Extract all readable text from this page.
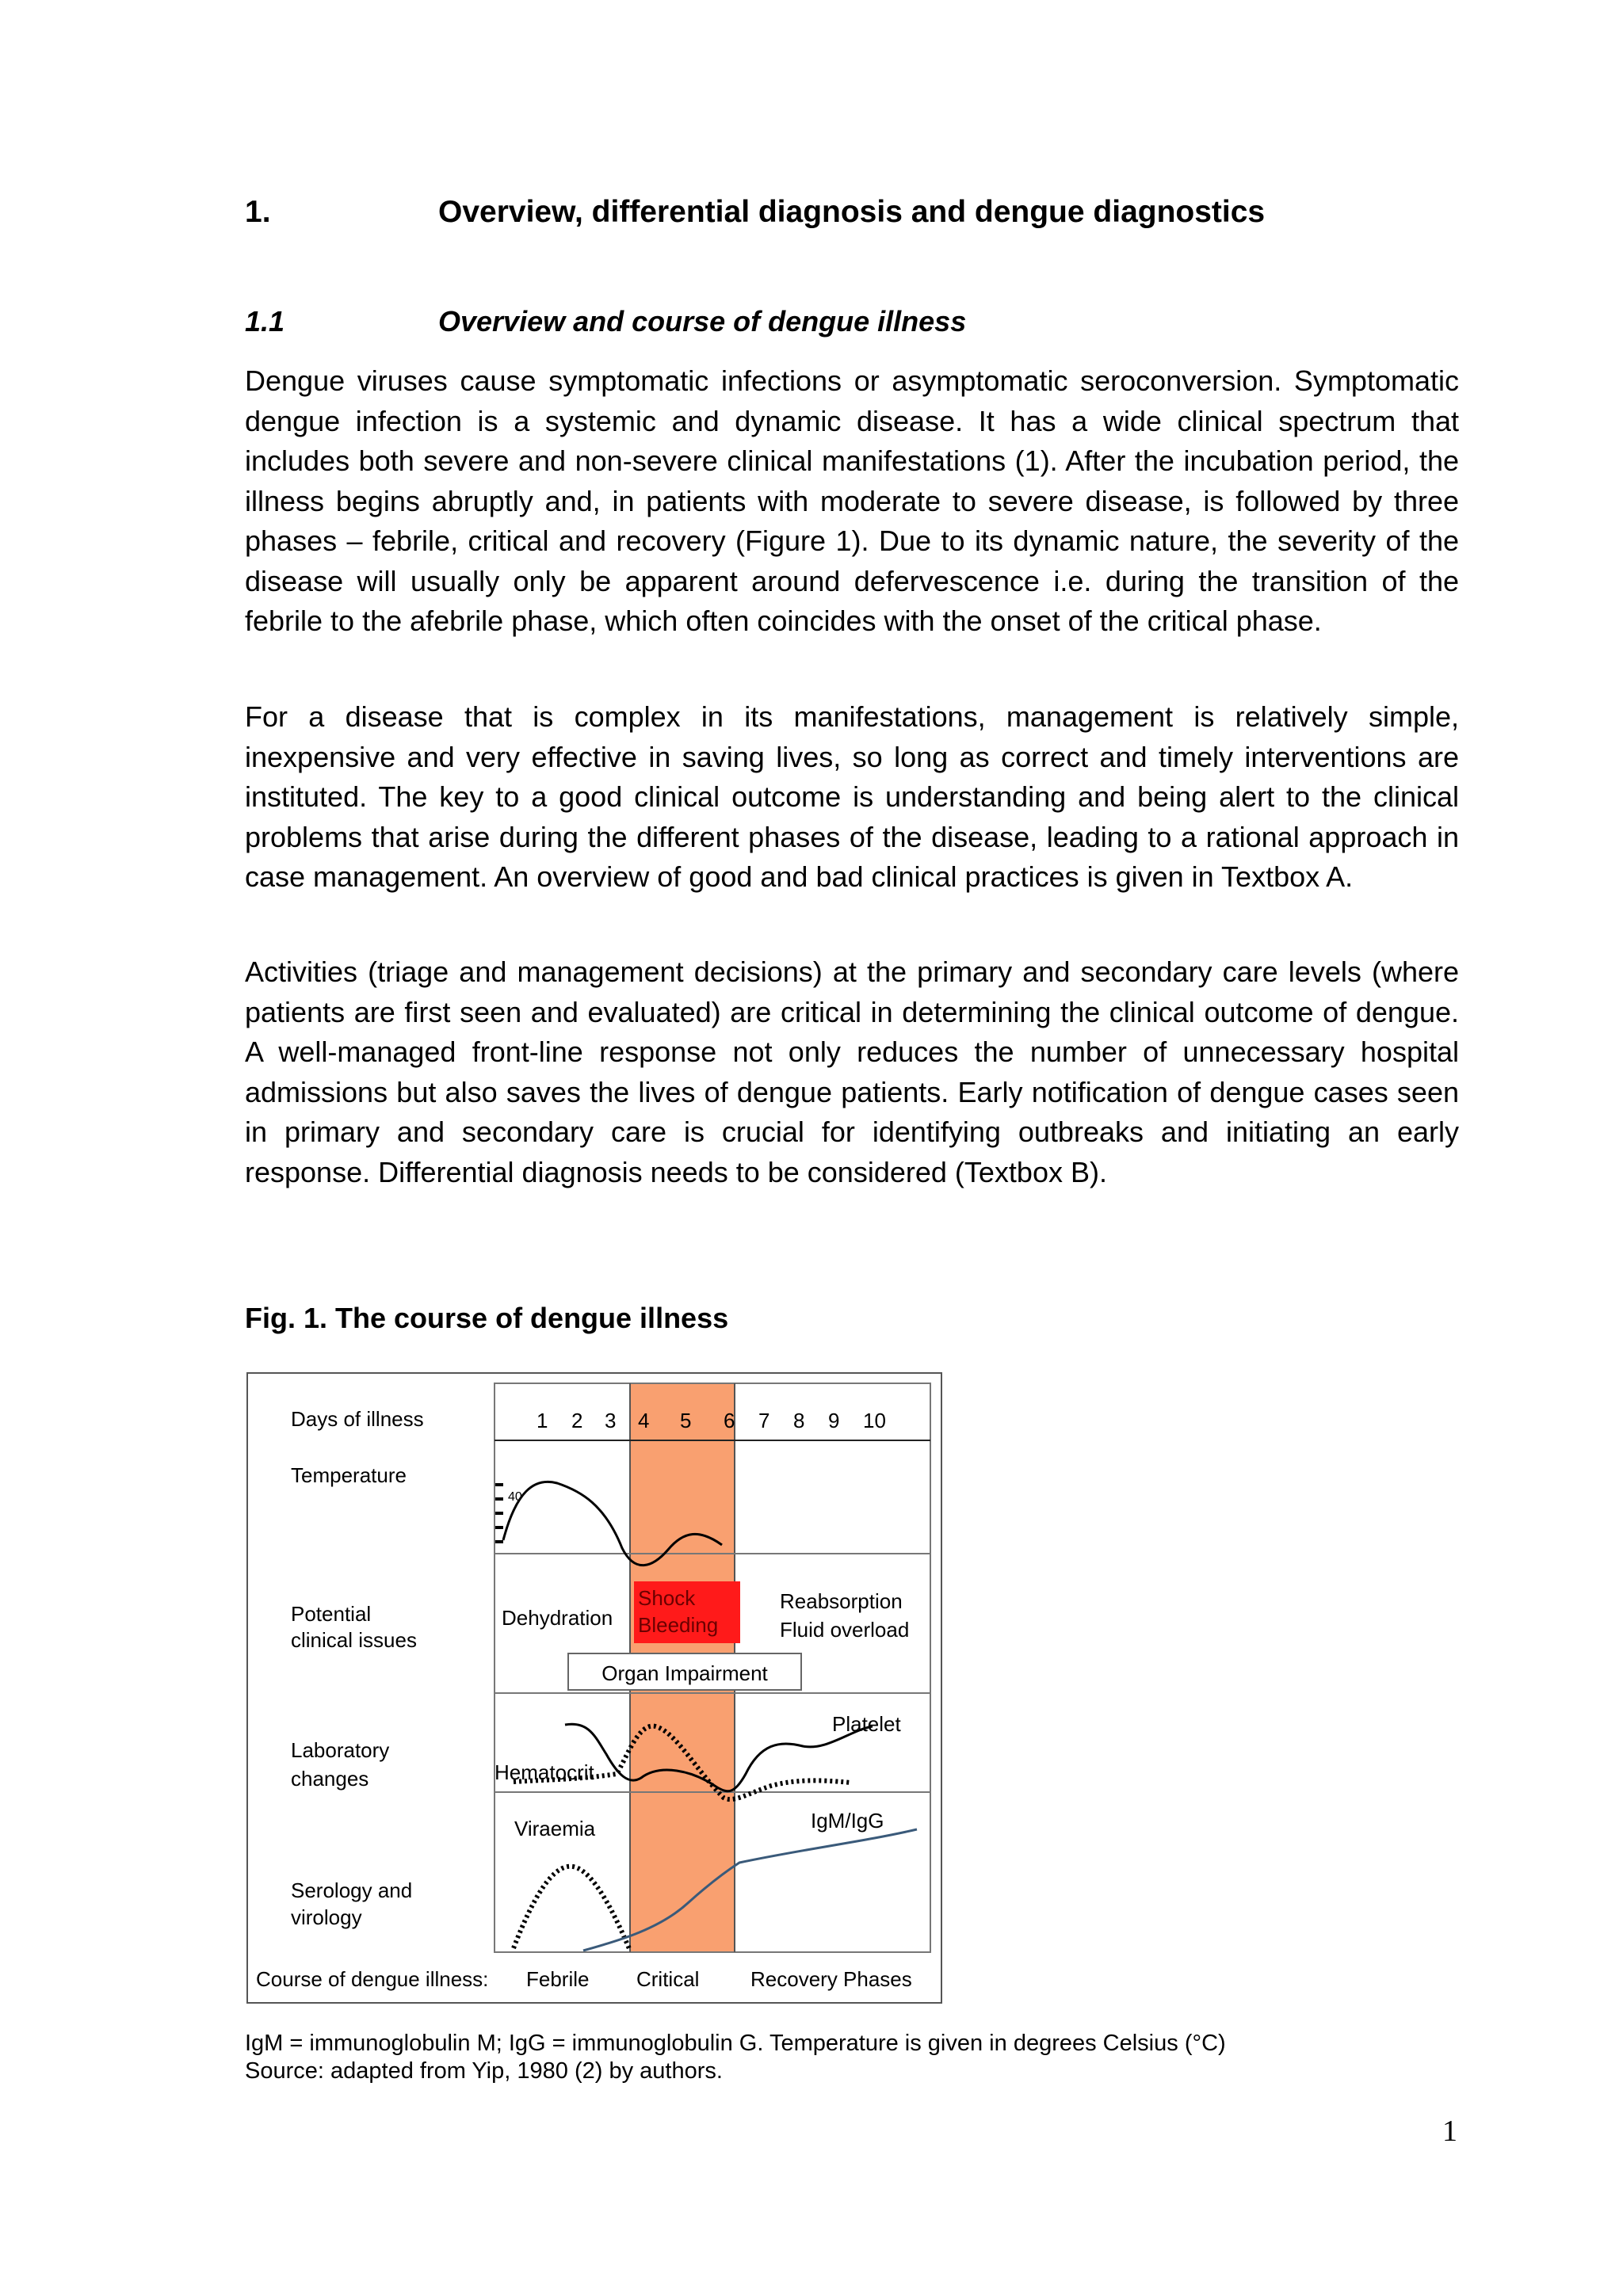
1.	Overview, differential diagnosis and dengue diagnostics
1.1	Overview and course of dengue illness

Dengue viruses cause symptomatic infections or asymptomatic seroconversion. Symptomatic dengue infection is a systemic and dynamic disease. It has a wide clinical spectrum that includes both severe and non-severe clinical manifestations (1). After the incubation period, the illness begins abruptly and, in patients with moderate to severe disease, is followed by three phases – febrile, critical and recovery (Figure 1). Due to its dynamic nature, the severity of the disease will usually only be apparent around defervescence i.e. during the transition of the febrile to the afebrile phase, which often coincides with the onset of the critical phase.

For a disease that is complex in its manifestations, management is relatively simple, inexpensive and very effective in saving lives, so long as correct and timely interventions are instituted. The key to a good clinical outcome is understanding and being alert to the clinical problems that arise during the different phases of the disease, leading to a rational approach in case management. An overview of good and bad clinical practices is given in Textbox A.

Activities (triage and management decisions) at the primary and secondary care levels (where patients are first seen and evaluated) are critical in determining the clinical outcome of dengue. A well-managed front-line response not only reduces the number of unnecessary hospital admissions but also saves the lives of dengue patients. Early notification of dengue cases seen in primary and secondary care is crucial for identifying outbreaks and initiating an early response. Differential diagnosis needs to be considered (Textbox B).

Fig. 1. The course of dengue illness
Days of illness
Temperature
Potential
clinical issues
Laboratory
changes
Serology and
virology
1 2 3 4 5 6 7 8 9 10
40
Dehydration
Shock
Bleeding
Reabsorption
Fluid overload
Organ Impairment
Platelet
Hematocrit
Viraemia	IgM/IgG
Course of dengue illness: Febrile Critical Recovery Phases
IgM = immunoglobulin M; IgG = immunoglobulin G. Temperature is given in degrees Celsius (°C)
Source: adapted from Yip, 1980 (2) by authors.
1
